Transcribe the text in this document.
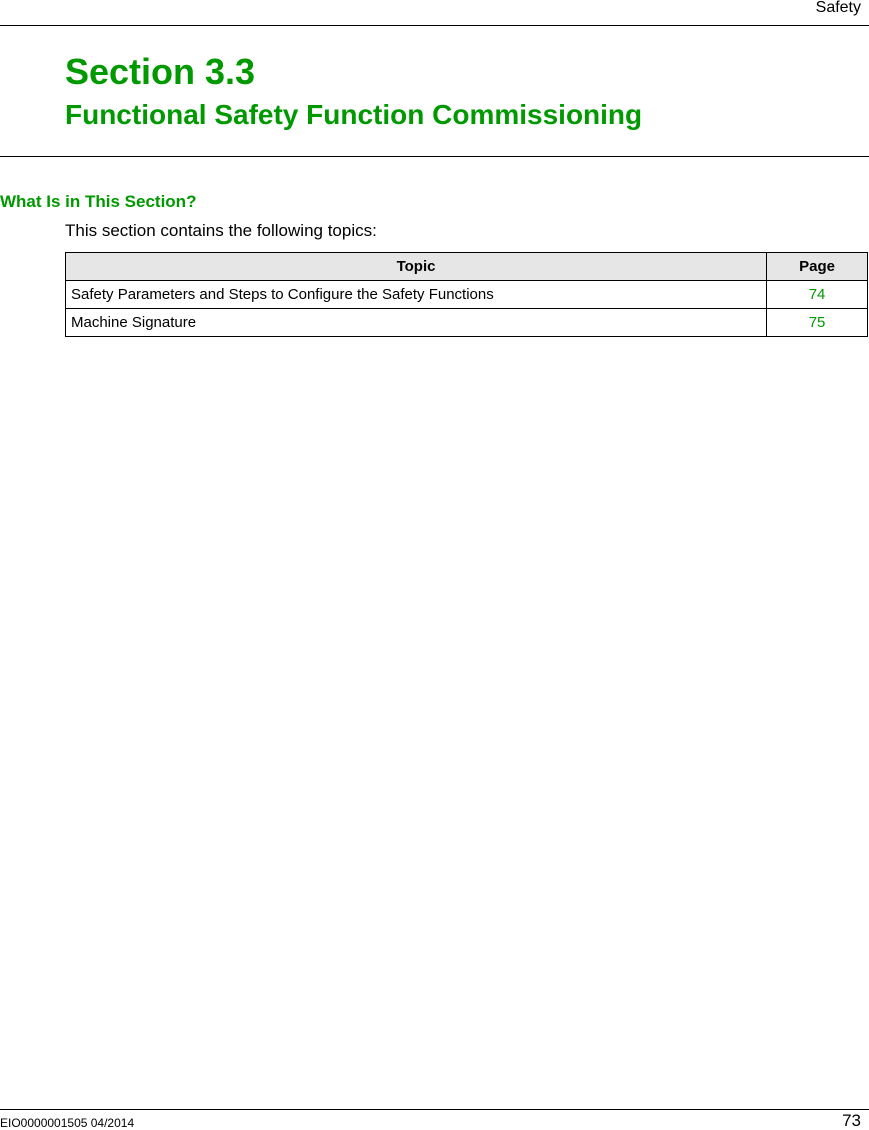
Safety
Section 3.3
Functional Safety Function Commissioning
What Is in This Section?

This section contains the following topics:

Topic	Page
Safety Parameters and Steps to Configure the Safety Functions	74
Machine Signature	75
EIO0000001505 04/2014	73
